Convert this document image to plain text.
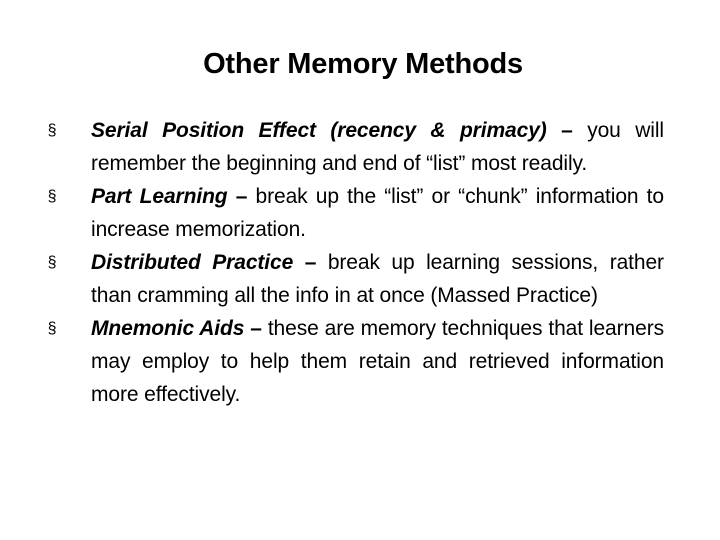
Other Memory Methods
§ Serial Position Effect (recency & primacy) – you will remember the beginning and end of “list” most readily.
§ Part Learning – break up the “list” or “chunk” information to increase memorization.
§ Distributed Practice – break up learning sessions, rather than cramming all the info in at once (Massed Practice)
§ Mnemonic Aids – these are memory techniques that learners may employ to help them retain and retrieved information more effectively.
